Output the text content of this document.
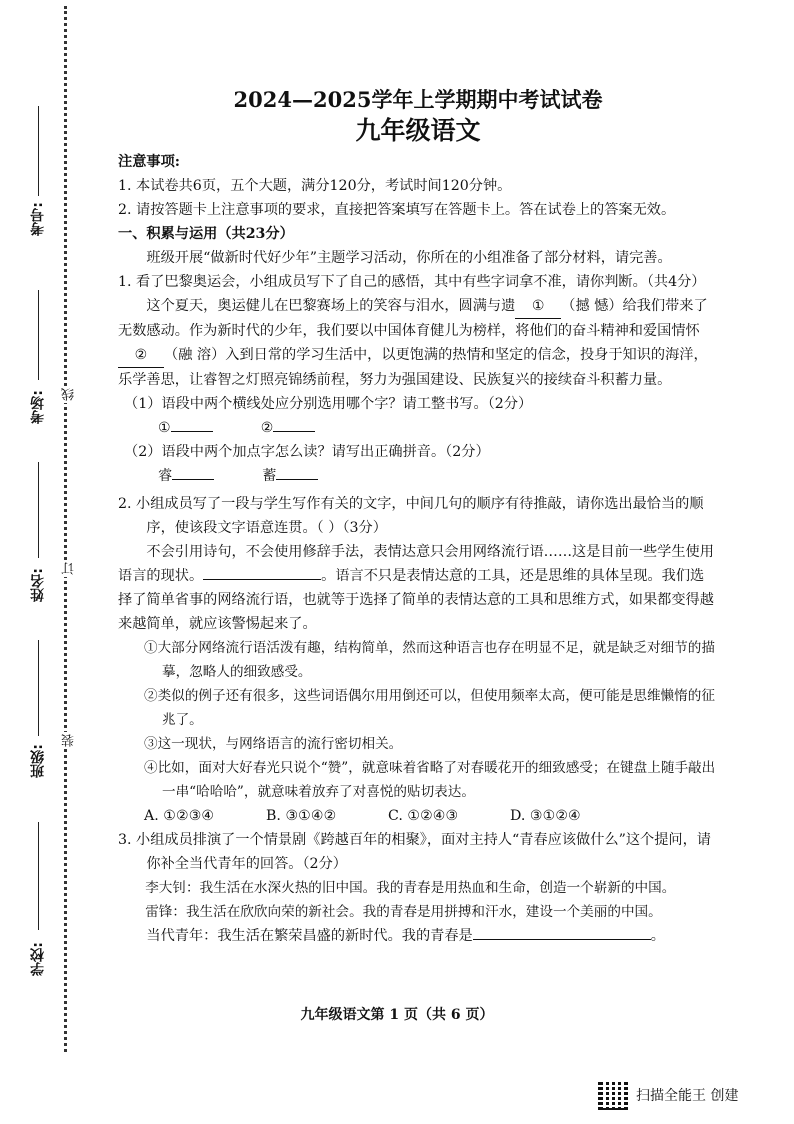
考号:
考场:
姓名:
班级:
学校:
线
订
装
2024—2025学年上学期期中考试试卷
九年级语文

注意事项:

1. 本试卷共6页，五个大题，满分120分，考试时间120分钟。

2. 请按答题卡上注意事项的要求，直接把答案填写在答题卡上。答在试卷上的答案无效。

一、积累与运用（共23分）

班级开展“做新时代好少年”主题学习活动，你所在的小组准备了部分材料，请完善。

1. 看了巴黎奥运会，小组成员写下了自己的感悟，其中有些字词拿不准，请你判断。（共4分）

这个夏天，奥运健儿在巴黎赛场上的笑容与泪水，圆满与遗 ① （撼 憾）给我们带来了无数感动。作为新时代的少年，我们要以中国体育健儿为榜样，将他们的奋斗精神和爱国情怀② （融 溶）入到日常的学习生活中，以更饱满的热情和坚定的信念，投身于知识的海洋，乐学善思，让睿智之灯照亮锦绣前程，努力为强国建设、民族复兴的接续奋斗积蓄力量。

（1）语段中两个横线处应分别选用哪个字？请工整书写。（2分）

①	②

（2）语段中两个加点字怎么读？请写出正确拼音。（2分）

睿	蓄

2. 小组成员写了一段与学生写作有关的文字，中间几句的顺序有待推敲，请你选出最恰当的顺序，使该段文字语意连贯。（ ）（3分）

不会引用诗句，不会使用修辞手法，表情达意只会用网络流行语……这是目前一些学生使用语言的现状。	。语言不只是表情达意的工具，还是思维的具体呈现。我们选择了简单省事的网络流行语，也就等于选择了简单的表情达意的工具和思维方式，如果都变得越来越简单，就应该警惕起来了。

①大部分网络流行语活泼有趣，结构简单，然而这种语言也存在明显不足，就是缺乏对细节的描摹，忽略人的细致感受。

②类似的例子还有很多，这些词语偶尔用用倒还可以，但使用频率太高，便可能是思维懒惰的征兆了。

③这一现状，与网络语言的流行密切相关。

④比如，面对大好春光只说个“赞”，就意味着省略了对春暖花开的细致感受；在键盘上随手敲出一串“哈哈哈”，就意味着放弃了对喜悦的贴切表达。

A. ①②③④	B. ③①④②	C. ①②④③	D. ③①②④

3. 小组成员排演了一个情景剧《跨越百年的相聚》，面对主持人“青春应该做什么”这个提问，请你补全当代青年的回答。（2分）

李大钊：我生活在水深火热的旧中国。我的青春是用热血和生命，创造一个崭新的中国。

雷锋：我生活在欣欣向荣的新社会。我的青春是用拼搏和汗水，建设一个美丽的中国。

当代青年：我生活在繁荣昌盛的新时代。我的青春是	。

九年级语文第 1 页（共 6 页）
扫描全能王 创建
